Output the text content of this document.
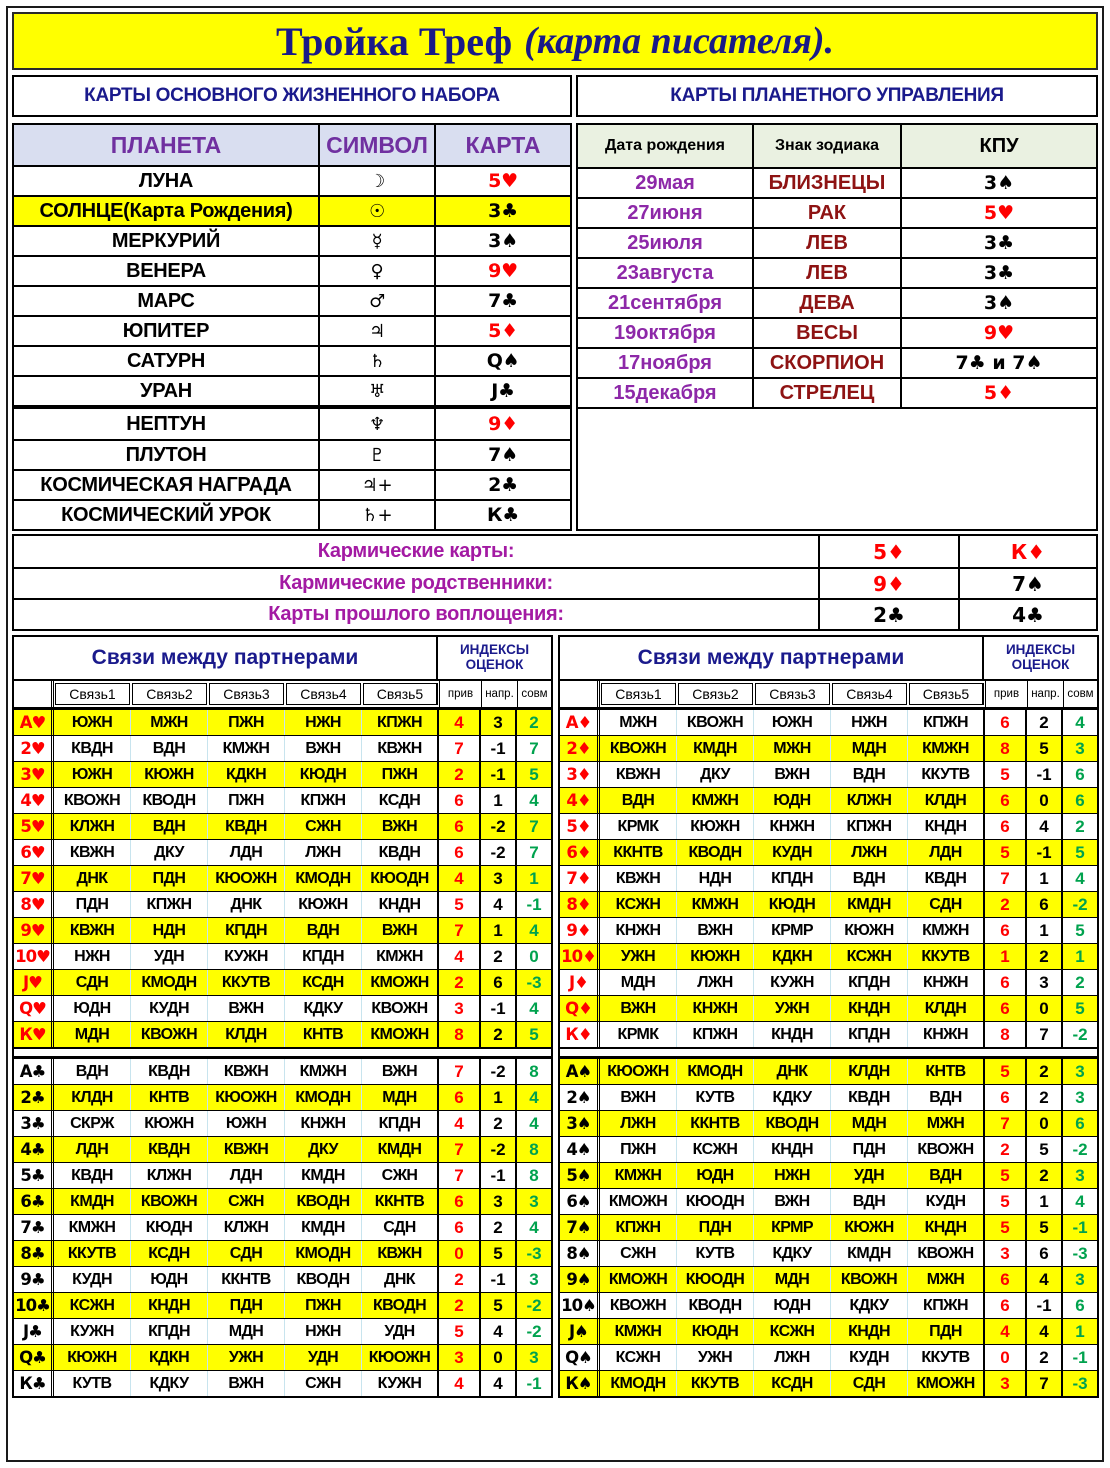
Тройка Треф (карта писателя).
КАРТЫ ОСНОВНОГО ЖИЗНЕННОГО НАБОРА	КАРТЫ ПЛАНЕТНОГО УПРАВЛЕНИЯ
ПЛАНЕТА	СИМВОЛ	КАРТА
ЛУНА	☽	5♥
СОЛНЦЕ(Карта Рождения)	☉	3♣
МЕРКУРИЙ	☿	3♠
ВЕНЕРА	♀	9♥
МАРС	♂	7♣
ЮПИТЕР	♃	5♦
САТУРН	♄	Q♠
УРАН	♅	J♣
НЕПТУН	♆	9♦
ПЛУТОН	♇	7♠
КОСМИЧЕСКАЯ НАГРАДА	♃+	2♣
КОСМИЧЕСКИЙ УРОК	♄+	К♣
Дата рождения	Знак зодиака	КПУ
29мая	БЛИЗНЕЦЫ	3♠
27июня	РАК	5♥
25июля	ЛЕВ	3♣
23августа	ЛЕВ	3♣
21сентября	ДЕВА	3♠
19октября	ВЕСЫ	9♥
17ноября	СКОРПИОН	7♣ и 7♠
15декабря	СТРЕЛЕЦ	5♦
Кармические карты:	5♦	К♦
Кармические родственники:	9♦	7♠
Карты прошлого воплощения:	2♣	4♣
Связи между партнерами	ИНДЕКСЫ ОЦЕНОК
Связь1	Связь2	Связь3	Связь4	Связь5	прив	напр. совм
А♥	ЮЖН	МЖН	ПЖН	НЖН	КПЖН	4	3	2
2♥	КВДН	ВДН	КМЖН	ВЖН	КВЖН	7	-1	7
3♥	ЮЖН	КЮЖН	КДКН	КЮДН	ПЖН	2	-1	5
4♥	КВОЖН	КВОДН	ПЖН	КПЖН	КСДН	6	1	4
5♥	КЛЖН	ВДН	КВДН	СЖН	ВЖН	6	-2	7
6♥	КВЖН	ДКУ	ЛДН	ЛЖН	КВДН	6	-2	7
7♥	ДНК	ПДН	КЮОЖН	КМОДН	КЮОДН	4	3	1
8♥	ПДН	КПЖН	ДНК	КЮЖН	КНДН	5	4	-1
9♥	КВЖН	НДН	КПДН	ВДН	ВЖН	7	1	4
10♥	НЖН	УДН	КУЖН	КПДН	КМЖН	4	2	0
J♥	СДН	КМОДН	ККУТВ	КСДН	КМОЖН	2	6	-3
Q♥	ЮДН	КУДН	ВЖН	КДКУ	КВОЖН	3	-1	4
К♥	МДН	КВОЖН	КЛДН	КНТВ	КМОЖН	8	2	5
А♣	ВДН	КВДН	КВЖН	КМЖН	ВЖН	7	-2	8
2♣	КЛДН	КНТВ	КЮОЖН	КМОДН	МДН	6	1	4
3♣	СКРЖ	КЮЖН	ЮЖН	КНЖН	КПДН	4	2	4
4♣	ЛДН	КВДН	КВЖН	ДКУ	КМДН	7	-2	8
5♣	КВДН	КЛЖН	ЛДН	КМДН	СЖН	7	-1	8
6♣	КМДН	КВОЖН	СЖН	КВОДН	ККНТВ	6	3	3
7♣	КМЖН	КЮДН	КЛЖН	КМДН	СДН	6	2	4
8♣	ККУТВ	КСДН	СДН	КМОДН	КВЖН	0	5	-3
9♣	КУДН	ЮДН	ККНТВ	КВОДН	ДНК	2	-1	3
10♣	КСЖН	КНДН	ПДН	ПЖН	КВОДН	2	5	-2
J♣	КУЖН	КПДН	МДН	НЖН	УДН	5	4	-2
Q♣	КЮЖН	КДКН	УЖН	УДН	КЮОЖН	3	0	3
К♣	КУТВ	КДКУ	ВЖН	СЖН	КУЖН	4	4	-1
Связи между партнерами	ИНДЕКСЫ ОЦЕНОК
Связь1	Связь2	Связь3	Связь4	Связь5	прив	напр. совм
А♦	МЖН	КВОЖН	ЮЖН	НЖН	КПЖН	6	2	4
2♦	КВОЖН	КМДН	МЖН	МДН	КМЖН	8	5	3
3♦	КВЖН	ДКУ	ВЖН	ВДН	ККУТВ	5	-1	6
4♦	ВДН	КМЖН	ЮДН	КЛЖН	КЛДН	6	0	6
5♦	КРМК	КЮЖН	КНЖН	КПЖН	КНДН	6	4	2
6♦	ККНТВ	КВОДН	КУДН	ЛЖН	ЛДН	5	-1	5
7♦	КВЖН	НДН	КПДН	ВДН	КВДН	7	1	4
8♦	КСЖН	КМЖН	КЮДН	КМДН	СДН	2	6	-2
9♦	КНЖН	ВЖН	КРМР	КЮЖН	КМЖН	6	1	5
10♦	УЖН	КЮЖН	КДКН	КСЖН	ККУТВ	1	2	1
J♦	МДН	ЛЖН	КУЖН	КПДН	КНЖН	6	3	2
Q♦	ВЖН	КНЖН	УЖН	КНДН	КЛДН	6	0	5
К♦	КРМК	КПЖН	КНДН	КПДН	КНЖН	8	7	-2
А♠ КЮОЖН	КМОДН	ДНК	КЛДН	КНТВ	5	2	3
2♠	ВЖН	КУТВ	КДКУ	КВДН	ВДН	6	2	3
3♠	ЛЖН	ККНТВ	КВОДН	МДН	МЖН	7	0	6
4♠	ПЖН	КСЖН	КНДН	ПДН	КВОЖН	2	5	-2
5♠	КМЖН	ЮДН	НЖН	УДН	ВДН	5	2	3
6♠	КМОЖН	КЮОДН	ВЖН	ВДН	КУДН	5	1	4
7♠	КПЖН	ПДН	КРМР	КЮЖН	КНДН	5	5	-1
8♠	СЖН	КУТВ	КДКУ	КМДН	КВОЖН	3	6	-3
9♠	КМОЖН	КЮОДН	МДН	КВОЖН	МЖН	6	4	3
10♠ КВОЖН	КВОДН	ЮДН	КДКУ	КПЖН	6	-1	6
J♠	КМЖН	КЮДН	КСЖН	КНДН	ПДН	4	4	1
Q♠	КСЖН	УЖН	ЛЖН	КУДН	ККУТВ	0	2	-1
К♠	КМОДН	ККУТВ	КСДН	СДН	КМОЖН	3	7	-3
